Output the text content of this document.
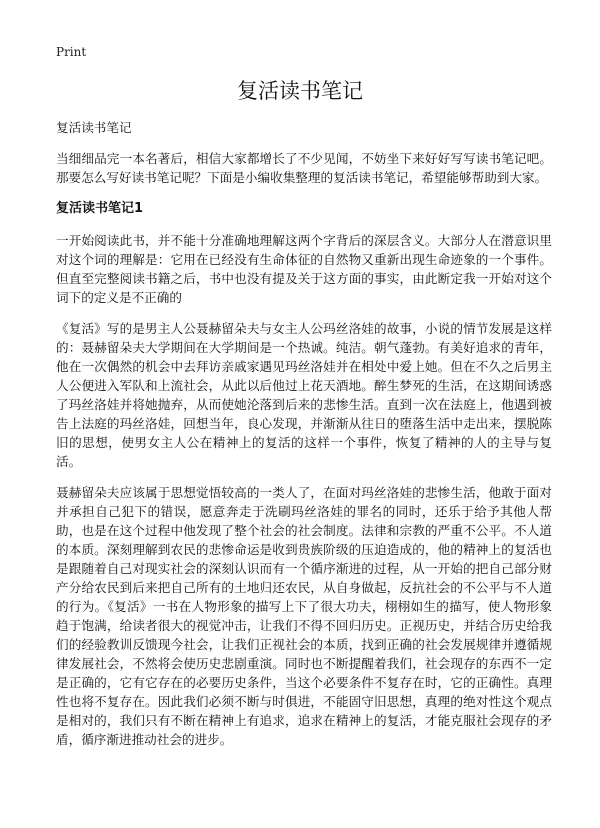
Print
复活读书笔记

复活读书笔记

当细细品完一本名著后，相信大家都增长了不少见闻，不妨坐下来好好写写读书笔记吧。那要怎么写好读书笔记呢？下面是小编收集整理的复活读书笔记，希望能够帮助到大家。

复活读书笔记1

一开始阅读此书，并不能十分准确地理解这两个字背后的深层含义。大部分人在潜意识里对这个词的理解是：它用在已经没有生命体征的自然物又重新出现生命迹象的一个事件。但直至完整阅读书籍之后，书中也没有提及关于这方面的事实，由此断定我一开始对这个词下的定义是不正确的

《复活》写的是男主人公聂赫留朵夫与女主人公玛丝洛娃的故事，小说的情节发展是这样的：聂赫留朵夫大学期间在大学期间是一个热诚。纯洁。朝气蓬勃。有美好追求的青年，他在一次偶然的机会中去拜访亲戚家遇见玛丝洛娃并在相处中爱上她。但在不久之后男主人公便进入军队和上流社会，从此以后他过上花天酒地。醉生梦死的生活，在这期间诱惑了玛丝洛娃并将她抛弃，从而使她沦落到后来的悲惨生活。直到一次在法庭上，他遇到被告上法庭的玛丝洛娃，回想当年，良心发现，并渐渐从往日的堕落生活中走出来，摆脱陈旧的思想，使男女主人公在精神上的复活的这样一个事件，恢复了精神的人的主导与复活。

聂赫留朵夫应该属于思想觉悟较高的一类人了，在面对玛丝洛娃的悲惨生活，他敢于面对并承担自己犯下的错误，愿意奔走于洗刷玛丝洛娃的罪名的同时，还乐于给予其他人帮助，也是在这个过程中他发现了整个社会的社会制度。法律和宗教的严重不公平。不人道的本质。深刻理解到农民的悲惨命运是收到贵族阶级的压迫造成的，他的精神上的复活也是跟随着自己对现实社会的深刻认识而有一个循序渐进的过程，从一开始的把自己部分财产分给农民到后来把自己所有的土地归还农民，从自身做起，反抗社会的不公平与不人道的行为。《复活》一书在人物形象的描写上下了很大功夫，栩栩如生的描写，使人物形象趋于饱满，给读者很大的视觉冲击，让我们不得不回归历史。正视历史，并结合历史给我们的经验教训反馈现今社会，让我们正视社会的本质，找到正确的社会发展规律并遵循规律发展社会，不然将会使历史悲剧重演。同时也不断提醒着我们，社会现存的东西不一定是正确的，它有它存在的必要历史条件，当这个必要条件不复存在时，它的正确性。真理性也将不复存在。因此我们必须不断与时俱进，不能固守旧思想，真理的绝对性这个观点是相对的，我们只有不断在精神上有追求，追求在精神上的复活，才能克服社会现存的矛盾，循序渐进推动社会的进步。
